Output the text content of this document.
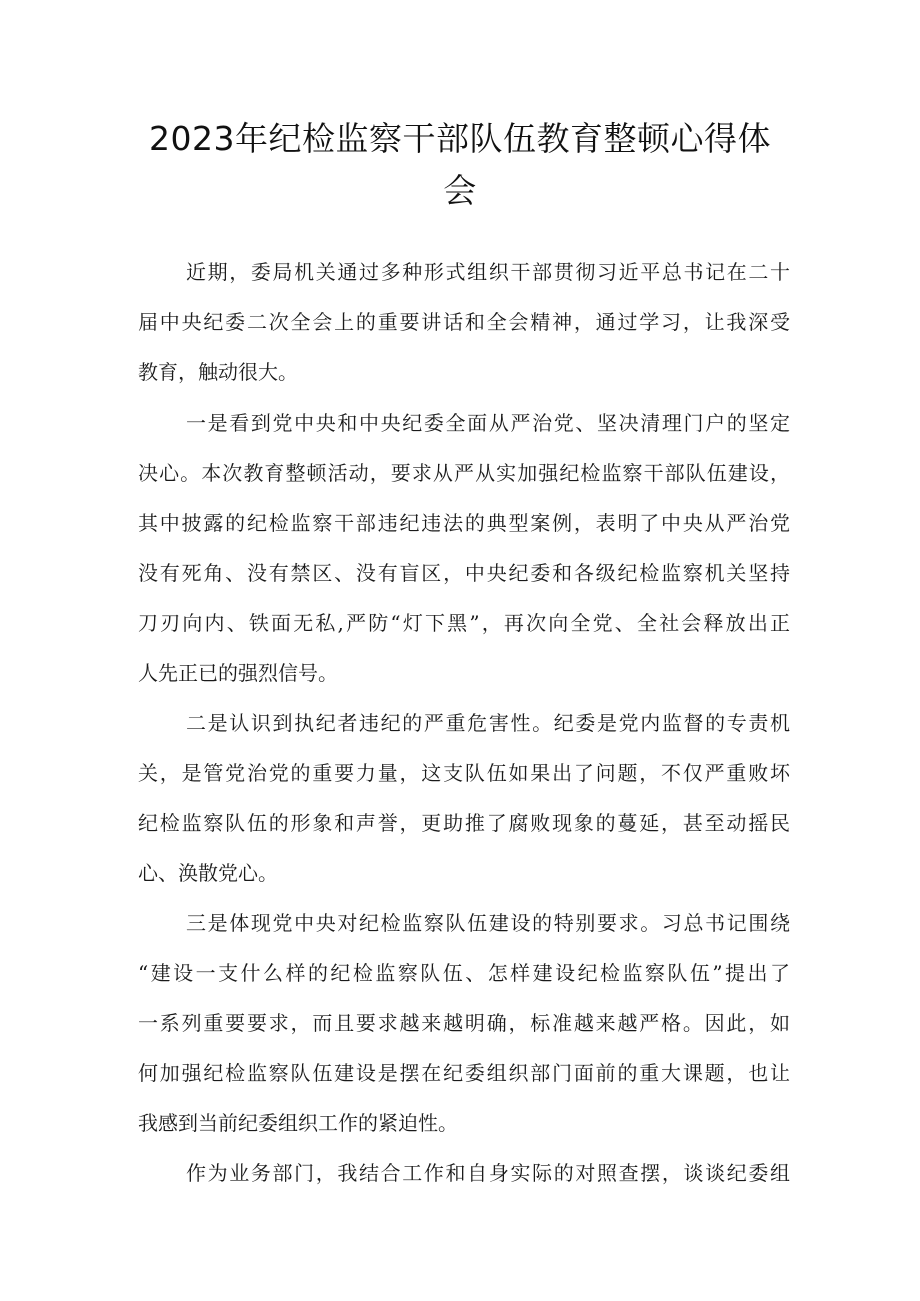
2023年纪检监察干部队伍教育整顿心得体
会
近期，委局机关通过多种形式组织干部贯彻习近平总书记在二十
届中央纪委二次全会上的重要讲话和全会精神，通过学习，让我深受
教育，触动很大。
一是看到党中央和中央纪委全面从严治党、坚决清理门户的坚定
决心。本次教育整顿活动，要求从严从实加强纪检监察干部队伍建设，
其中披露的纪检监察干部违纪违法的典型案例，表明了中央从严治党
没有死角、没有禁区、没有盲区，中央纪委和各级纪检监察机关坚持
刀刃向内、铁面无私,严防“灯下黑”，再次向全党、全社会释放出正
人先正已的强烈信号。
二是认识到执纪者违纪的严重危害性。纪委是党内监督的专责机
关，是管党治党的重要力量，这支队伍如果出了问题，不仅严重败坏
纪检监察队伍的形象和声誉，更助推了腐败现象的蔓延，甚至动摇民
心、涣散党心。
三是体现党中央对纪检监察队伍建设的特别要求。习总书记围绕
“建设一支什么样的纪检监察队伍、怎样建设纪检监察队伍”提出了
一系列重要要求，而且要求越来越明确，标准越来越严格。因此，如
何加强纪检监察队伍建设是摆在纪委组织部门面前的重大课题，也让
我感到当前纪委组织工作的紧迫性。
作为业务部门，我结合工作和自身实际的对照查摆，谈谈纪委组
